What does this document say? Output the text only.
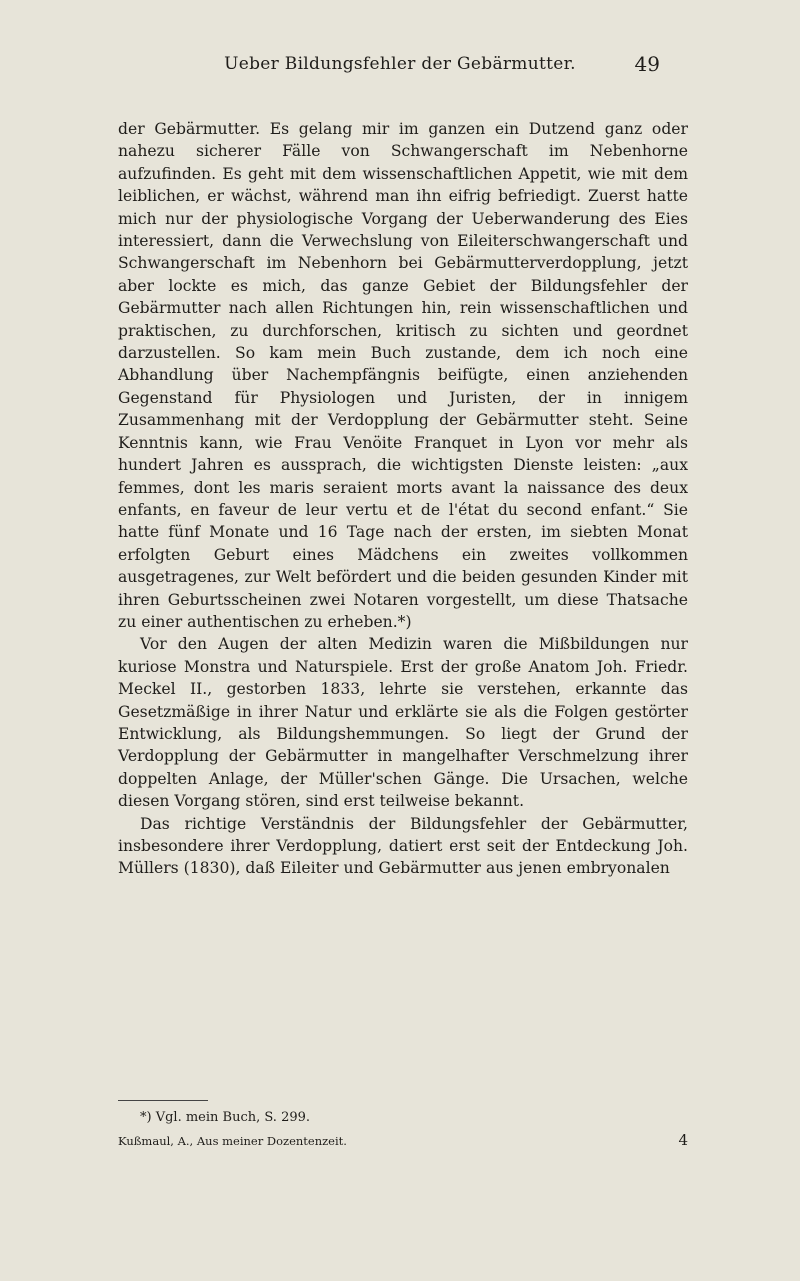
Ueber Bildungsfehler der Gebärmutter.	49

der Gebärmutter. Es gelang mir im ganzen ein Dutzend ganz oder nahezu sicherer Fälle von Schwangerschaft im Nebenhorne aufzufinden. Es geht mit dem wissenschaftlichen Appetit, wie mit dem leiblichen, er wächst, während man ihn eifrig befriedigt. Zuerst hatte mich nur der physiologische Vorgang der Ueberwanderung des Eies interessiert, dann die Verwechslung von Eileiterschwangerschaft und Schwangerschaft im Nebenhorn bei Gebärmutterverdopplung, jetzt aber lockte es mich, das ganze Gebiet der Bildungsfehler der Gebärmutter nach allen Richtungen hin, rein wissenschaftlichen und praktischen, zu durchforschen, kritisch zu sichten und geordnet darzustellen. So kam mein Buch zustande, dem ich noch eine Abhandlung über Nachempfängnis beifügte, einen anziehenden Gegenstand für Physiologen und Juristen, der in innigem Zusammenhang mit der Verdopplung der Gebärmutter steht. Seine Kenntnis kann, wie Frau Venöite Franquet in Lyon vor mehr als hundert Jahren es aussprach, die wichtigsten Dienste leisten: „aux femmes, dont les maris seraient morts avant la naissance des deux enfants, en faveur de leur vertu et de l'état du second enfant.“ Sie hatte fünf Monate und 16 Tage nach der ersten, im siebten Monat erfolgten Geburt eines Mädchens ein zweites vollkommen ausgetragenes, zur Welt befördert und die beiden gesunden Kinder mit ihren Geburtsscheinen zwei Notaren vorgestellt, um diese Thatsache zu einer authentischen zu erheben.*)

Vor den Augen der alten Medizin waren die Mißbildungen nur kuriose Monstra und Naturspiele. Erst der große Anatom Joh. Friedr. Meckel II., gestorben 1833, lehrte sie verstehen, erkannte das Gesetzmäßige in ihrer Natur und erklärte sie als die Folgen gestörter Entwicklung, als Bildungshemmungen. So liegt der Grund der Verdopplung der Gebärmutter in mangelhafter Verschmelzung ihrer doppelten Anlage, der Müller'schen Gänge. Die Ursachen, welche diesen Vorgang stören, sind erst teilweise bekannt.

Das richtige Verständnis der Bildungsfehler der Gebärmutter, insbesondere ihrer Verdopplung, datiert erst seit der Entdeckung Joh. Müllers (1830), daß Eileiter und Gebärmutter aus jenen embryonalen

*) Vgl. mein Buch, S. 299.
Kußmaul, A., Aus meiner Dozentenzeit.	4
